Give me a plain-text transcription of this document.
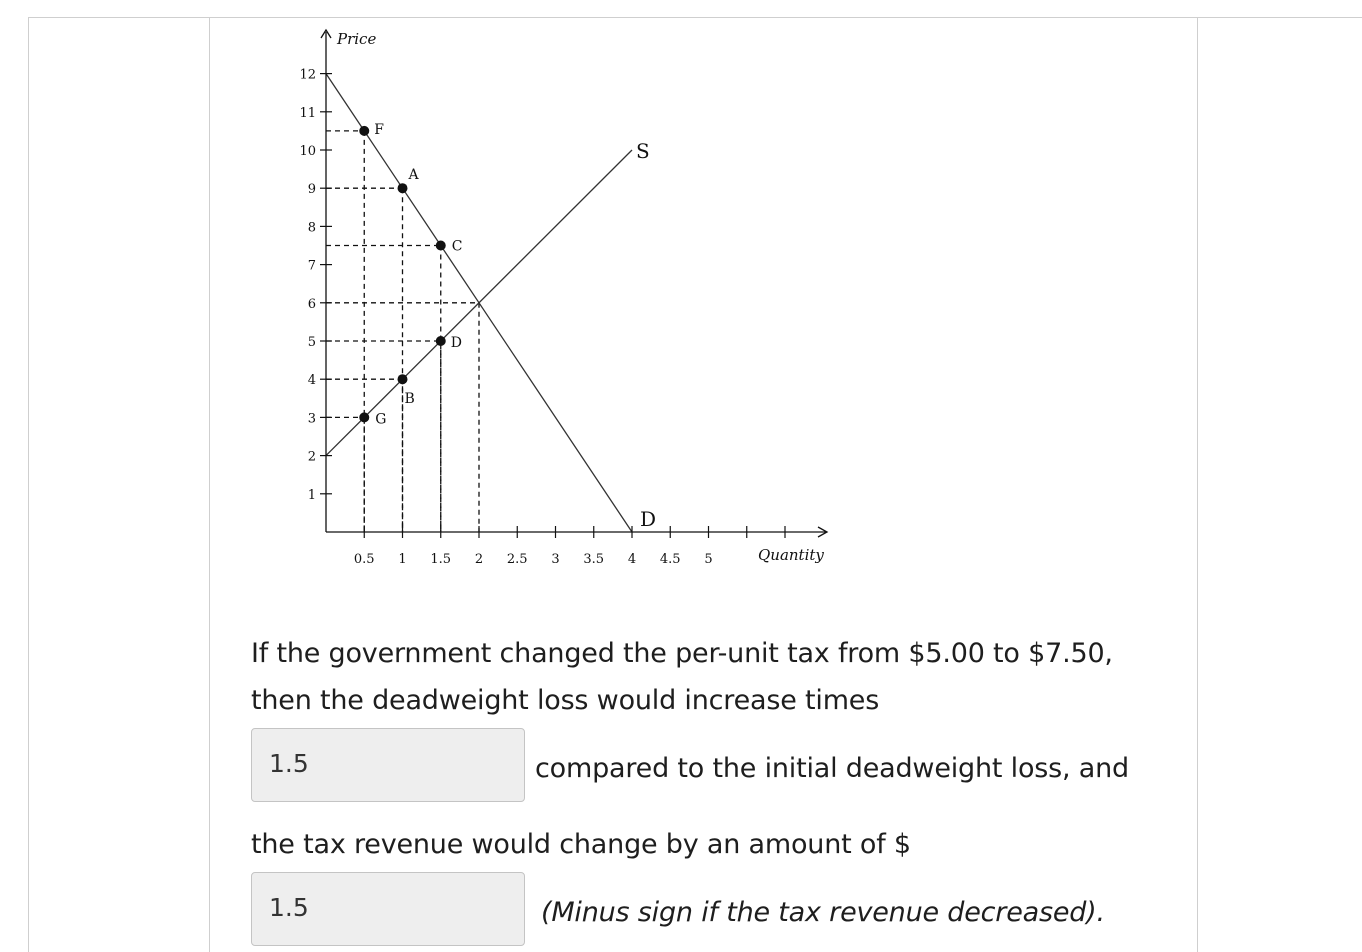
S
D
1
2
3
4
5
6
7
8
9
10
11
12
0.5 1 1.5 2 2.5 3 3.5 4 4.5 5
F
A
C
D
B
G
Price
Quantity
If the government changed the per-unit tax from $5.00 to $7.50,
then the deadweight loss would increase times
1.5	compared to the initial deadweight loss, and
the tax revenue would change by an amount of $
1.5	(Minus sign if the tax revenue decreased).
